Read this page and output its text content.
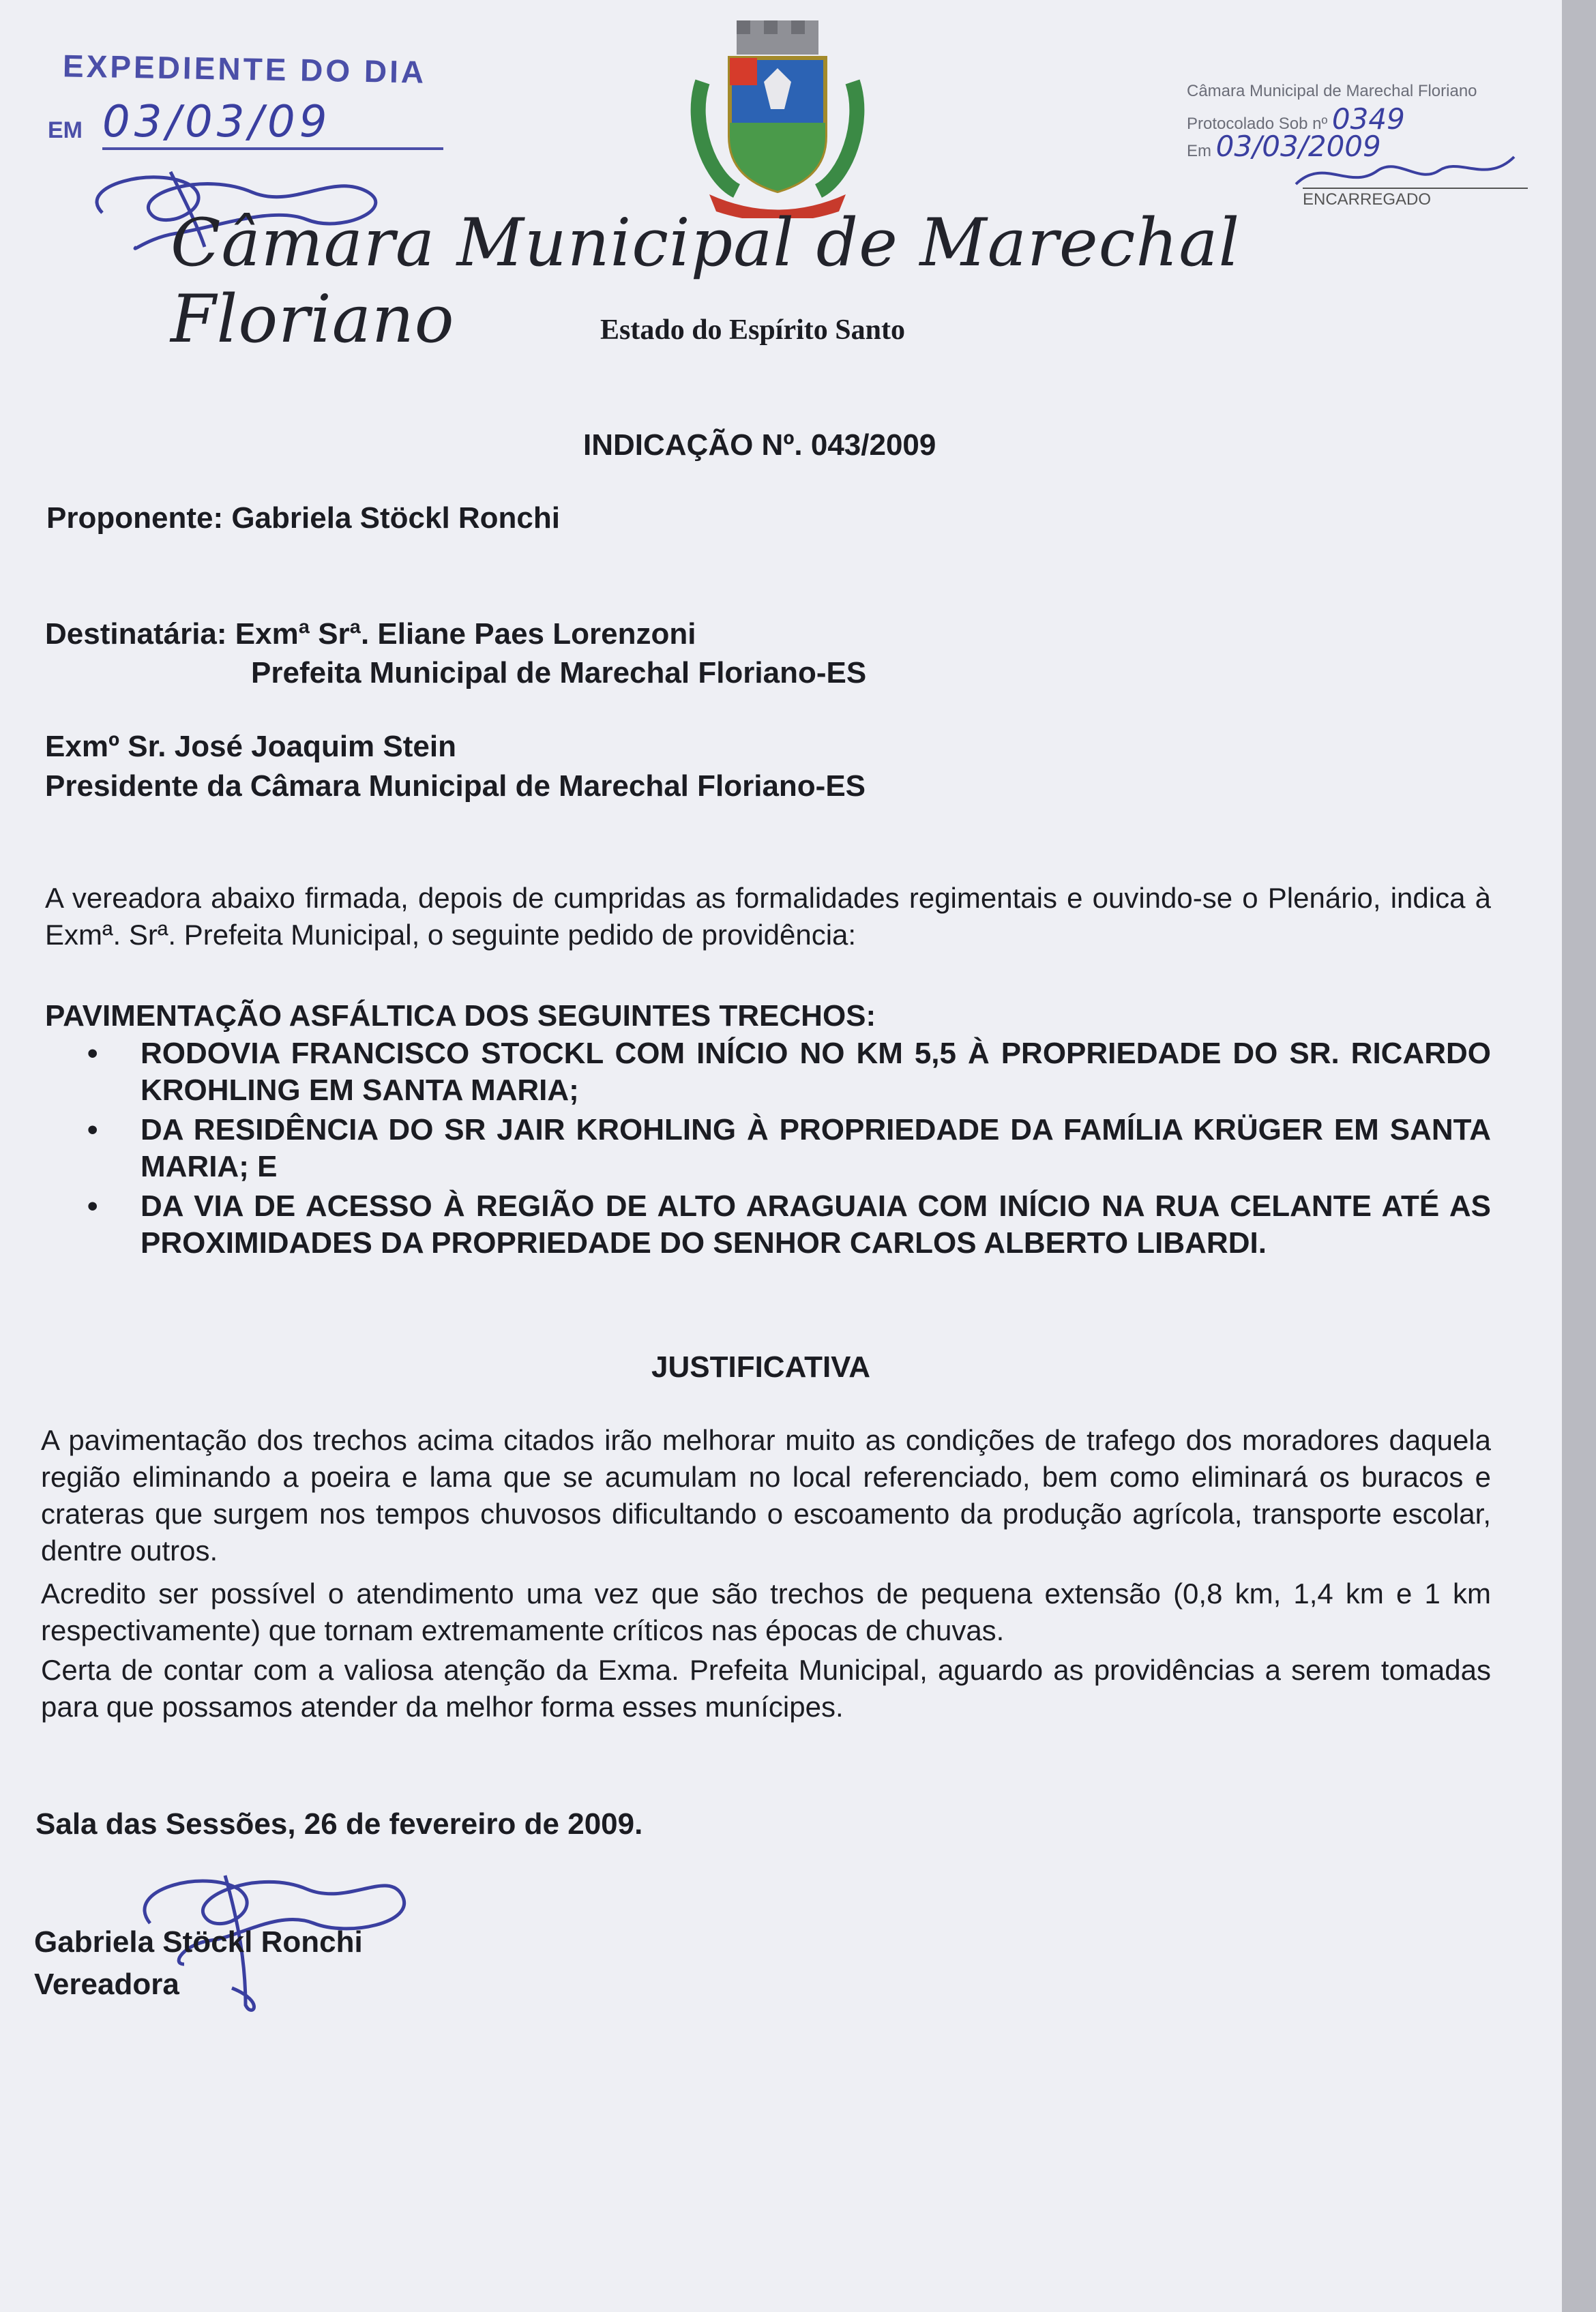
EXPEDIENTE DO DIA
EM 03/03/09
Câmara Municipal de Marechal Floriano
Protocolado Sob nº 0349
Em 03/03/2009
ENCARREGADO
Câmara Municipal de Marechal Floriano	Estado do Espírito Santo
INDICAÇÃO Nº. 043/2009
Proponente: Gabriela Stöckl Ronchi
Destinatária: Exmª Srª. Eliane Paes Lorenzoni
Prefeita Municipal de Marechal Floriano-ES
Exmº Sr. José Joaquim Stein
Presidente da Câmara Municipal de Marechal Floriano-ES
A vereadora abaixo firmada, depois de cumpridas as formalidades regimentais e ouvindo-se o Plenário, indica à Exmª. Srª. Prefeita Municipal, o seguinte pedido de providência:
PAVIMENTAÇÃO ASFÁLTICA DOS SEGUINTES TRECHOS:
• RODOVIA FRANCISCO STOCKL COM INÍCIO NO KM 5,5 À PROPRIEDADE DO SR. RICARDO KROHLING EM SANTA MARIA;
• DA RESIDÊNCIA DO SR JAIR KROHLING À PROPRIEDADE DA FAMÍLIA KRÜGER EM SANTA MARIA; E
• DA VIA DE ACESSO À REGIÃO DE ALTO ARAGUAIA COM INÍCIO NA RUA CELANTE ATÉ AS PROXIMIDADES DA PROPRIEDADE DO SENHOR CARLOS ALBERTO LIBARDI.
JUSTIFICATIVA
A pavimentação dos trechos acima citados irão melhorar muito as condições de trafego dos moradores daquela região eliminando a poeira e lama que se acumulam no local referenciado, bem como eliminará os buracos e crateras que surgem nos tempos chuvosos dificultando o escoamento da produção agrícola, transporte escolar, dentre outros.
Acredito ser possível o atendimento uma vez que são trechos de pequena extensão (0,8 km, 1,4 km e 1 km respectivamente) que tornam extremamente críticos nas épocas de chuvas.
Certa de contar com a valiosa atenção da Exma. Prefeita Municipal, aguardo as providências a serem tomadas para que possamos atender da melhor forma esses munícipes.
Sala das Sessões, 26 de fevereiro de 2009.
Gabriela Stöckl Ronchi
Vereadora
